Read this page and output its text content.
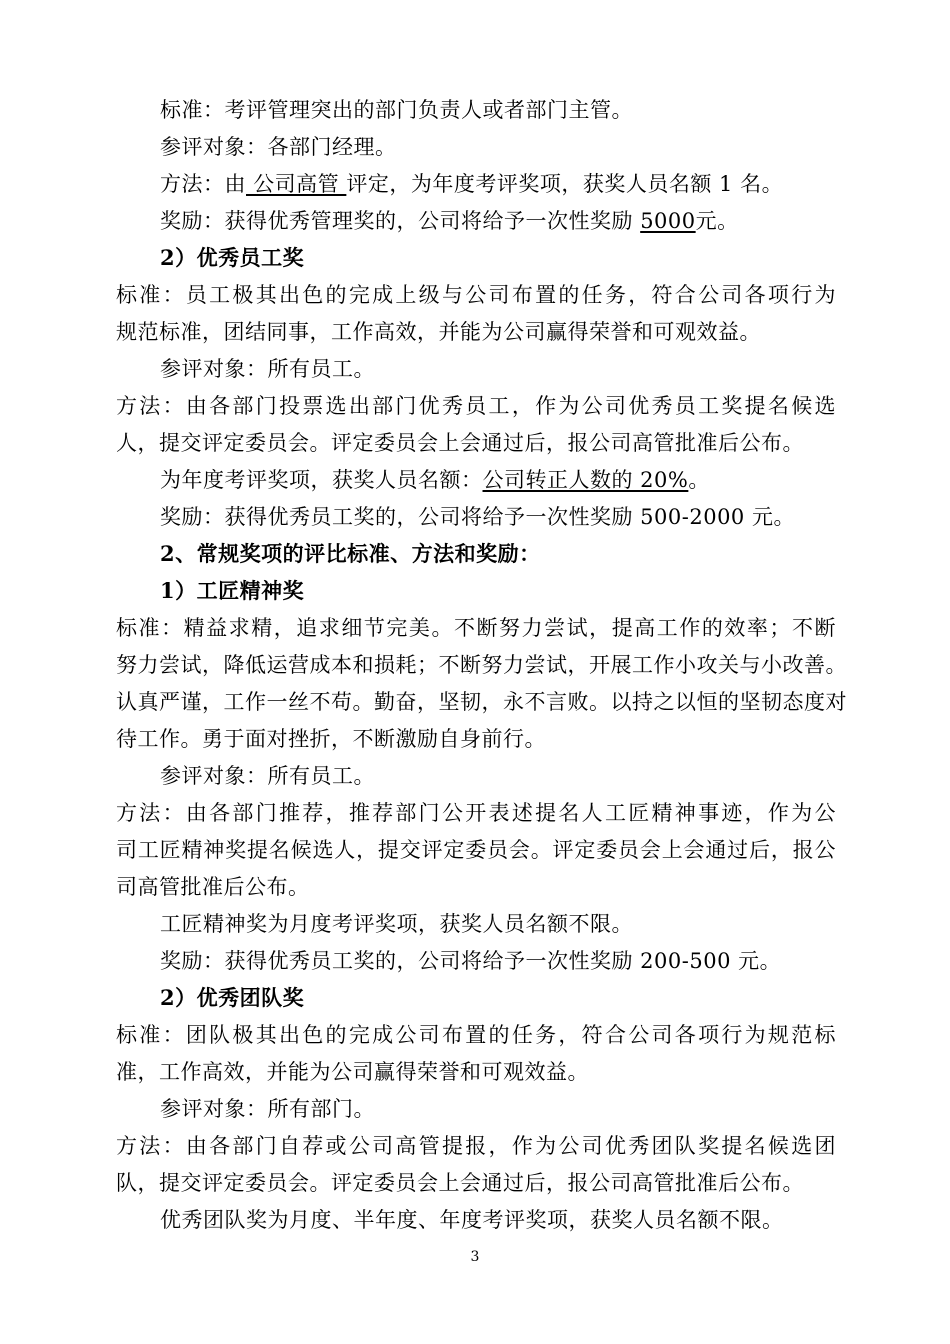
标准：考评管理突出的部门负责人或者部门主管。
参评对象：各部门经理。
方法：由 公司高管 评定，为年度考评奖项，获奖人员名额 1 名。
奖励：获得优秀管理奖的，公司将给予一次性奖励 5000元。
2）优秀员工奖
标准：员工极其出色的完成上级与公司布置的任务，符合公司各项行为
规范标准，团结同事，工作高效，并能为公司赢得荣誉和可观效益。
参评对象：所有员工。
方法：由各部门投票选出部门优秀员工，作为公司优秀员工奖提名候选
人，提交评定委员会。评定委员会上会通过后，报公司高管批准后公布。
为年度考评奖项，获奖人员名额：公司转正人数的 20%。
奖励：获得优秀员工奖的，公司将给予一次性奖励 500-2000 元。
2、常规奖项的评比标准、方法和奖励：
1）工匠精神奖
标准：精益求精，追求细节完美。不断努力尝试，提高工作的效率；不断
努力尝试，降低运营成本和损耗；不断努力尝试，开展工作小攻关与小改善。
认真严谨，工作一丝不苟。勤奋，坚韧，永不言败。以持之以恒的坚韧态度对
待工作。勇于面对挫折，不断激励自身前行。
参评对象：所有员工。
方法：由各部门推荐，推荐部门公开表述提名人工匠精神事迹，作为公
司工匠精神奖提名候选人，提交评定委员会。评定委员会上会通过后，报公
司高管批准后公布。
工匠精神奖为月度考评奖项，获奖人员名额不限。
奖励：获得优秀员工奖的，公司将给予一次性奖励 200-500 元。
2）优秀团队奖
标准：团队极其出色的完成公司布置的任务，符合公司各项行为规范标
准，工作高效，并能为公司赢得荣誉和可观效益。
参评对象：所有部门。
方法：由各部门自荐或公司高管提报，作为公司优秀团队奖提名候选团
队，提交评定委员会。评定委员会上会通过后，报公司高管批准后公布。
优秀团队奖为月度、半年度、年度考评奖项，获奖人员名额不限。
3
